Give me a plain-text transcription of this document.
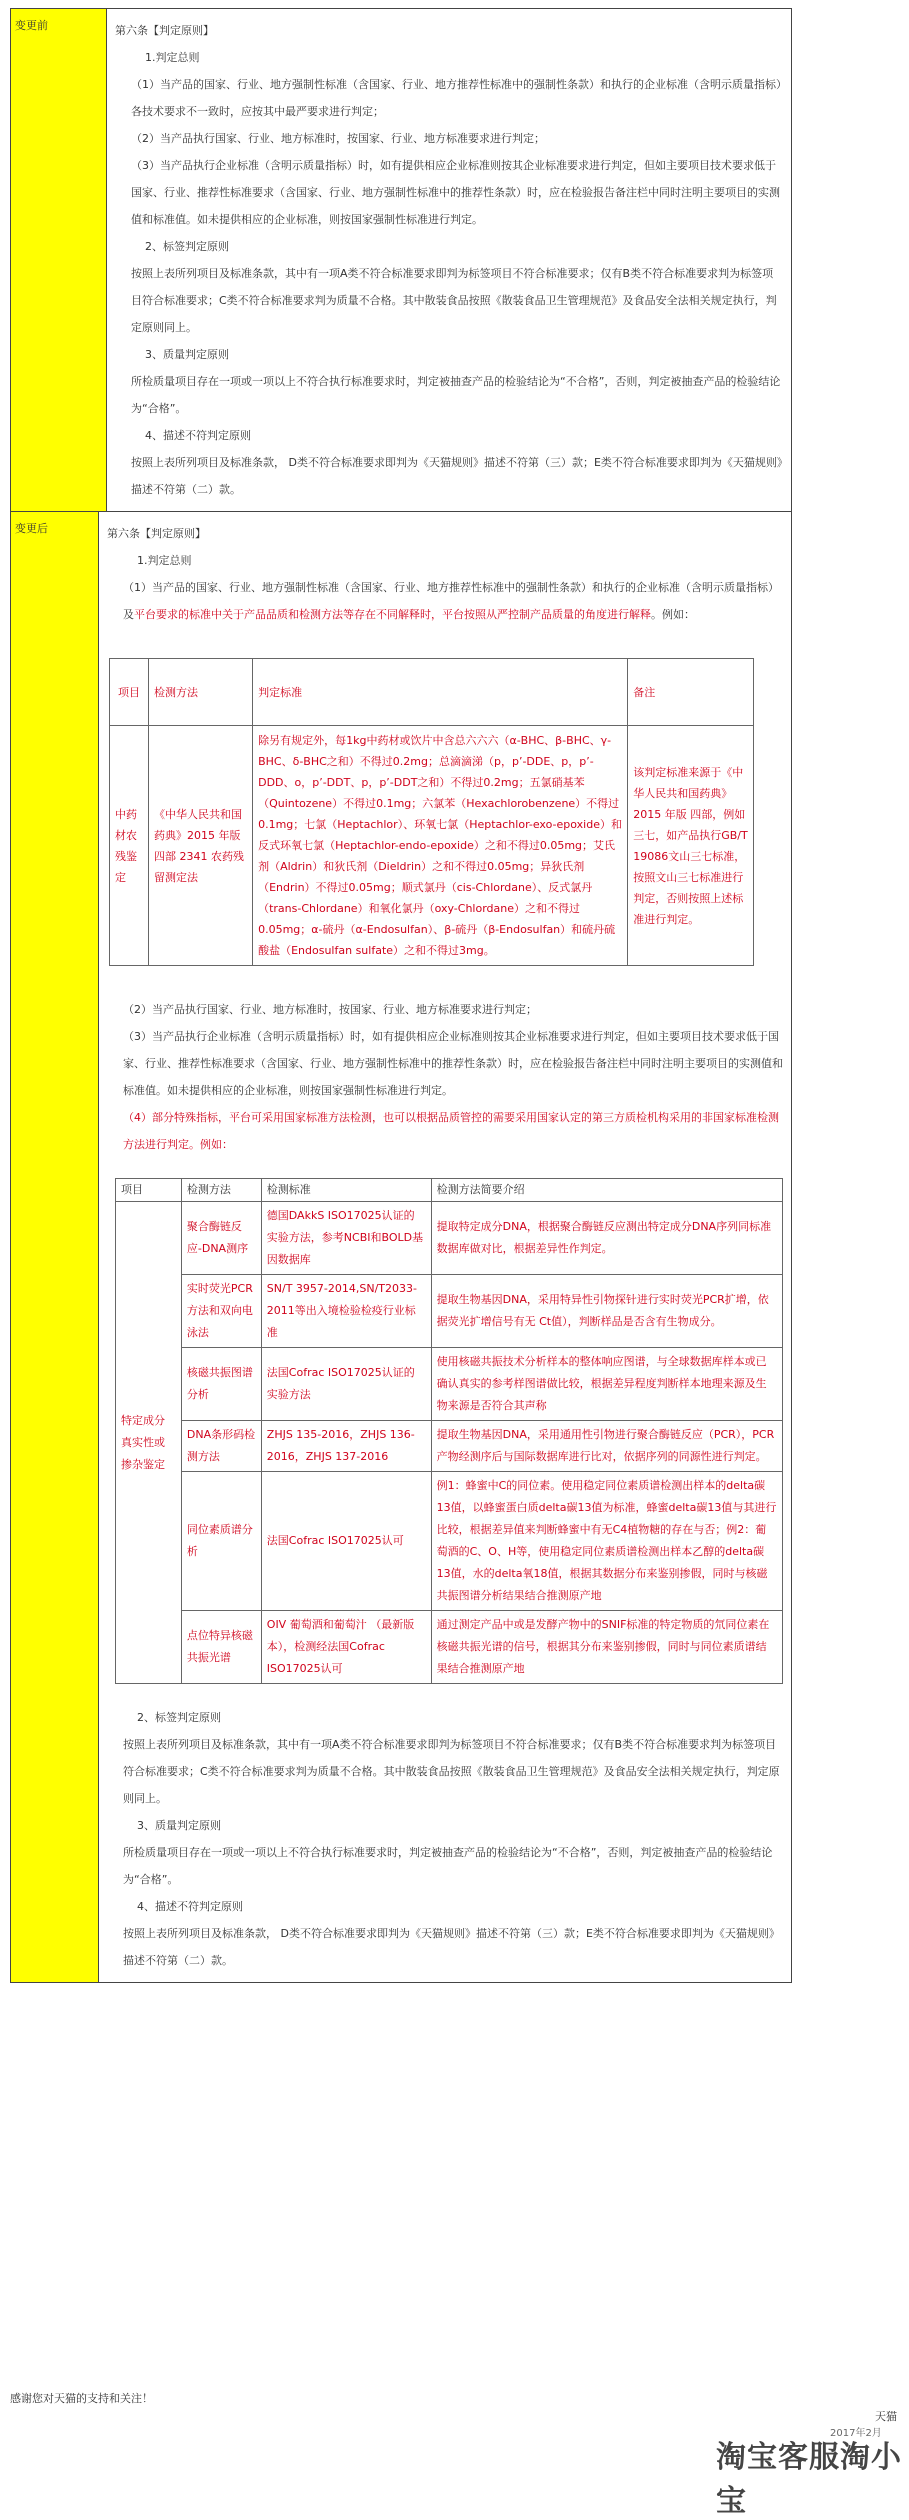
变更前	第六条【判定原则】

1.判定总则

（1）当产品的国家、行业、地方强制性标准（含国家、行业、地方推荐性标准中的强制性条款）和执行的企业标准（含明示质量指标）各技术要求不一致时，应按其中最严要求进行判定；

（2）当产品执行国家、行业、地方标准时，按国家、行业、地方标准要求进行判定；

（3）当产品执行企业标准（含明示质量指标）时，如有提供相应企业标准则按其企业标准要求进行判定，但如主要项目技术要求低于国家、行业、推荐性标准要求（含国家、行业、地方强制性标准中的推荐性条款）时，应在检验报告备注栏中同时注明主要项目的实测值和标准值。如未提供相应的企业标准，则按国家强制性标准进行判定。

2、标签判定原则

按照上表所列项目及标准条款，其中有一项A类不符合标准要求即判为标签项目不符合标准要求；仅有B类不符合标准要求判为标签项目符合标准要求；C类不符合标准要求判为质量不合格。其中散装食品按照《散装食品卫生管理规范》及食品安全法相关规定执行，判定原则同上。

3、质量判定原则

所检质量项目存在一项或一项以上不符合执行标准要求时，判定被抽查产品的检验结论为“不合格”，否则，判定被抽查产品的检验结论为“合格”。

4、描述不符判定原则

按照上表所列项目及标准条款， D类不符合标准要求即判为《天猫规则》描述不符第（三）款；E类不符合标准要求即判为《天猫规则》描述不符第（二）款。

变更后	第六条【判定原则】

1.判定总则

（1）当产品的国家、行业、地方强制性标准（含国家、行业、地方推荐性标准中的强制性条款）和执行的企业标准（含明示质量指标）及平台要求的标准中关于产品品质和检测方法等存在不同解释时，平台按照从严控制产品质量的角度进行解释。例如：

项目	检测方法	判定标准	备注
中药材农残鉴定	《中华人民共和国药典》2015 年版 四部 2341 农药残留测定法	除另有规定外，每1kg中药材或饮片中含总六六六（α-BHC、β-BHC、γ-BHC、δ-BHC之和）不得过0.2mg；总滴滴涕（p，p’-DDE、p，p’-DDD、o，p’-DDT、p，p’-DDT之和）不得过0.2mg；五氯硝基苯（Quintozene）不得过0.1mg；六氯苯（Hexachlorobenzene）不得过 0.1mg；七氯（Heptachlor）、环氧七氯（Heptachlor-exo-epoxide）和反式环氧七氯（Heptachlor-endo-epoxide）之和不得过0.05mg；艾氏剂（Aldrin）和狄氏剂（Dieldrin）之和不得过0.05mg；异狄氏剂（Endrin）不得过0.05mg；顺式氯丹（cis-Chlordane）、反式氯丹（trans-Chlordane）和氧化氯丹（oxy-Chlordane）之和不得过0.05mg；α-硫丹（α-Endosulfan）、β-硫丹（β-Endosulfan）和硫丹硫酸盐（Endosulfan sulfate）之和不得过3mg。	该判定标准来源于《中华人民共和国药典》2015 年版 四部，例如三七，如产品执行GB/T 19086文山三七标准，按照文山三七标准进行判定，否则按照上述标准进行判定。

（2）当产品执行国家、行业、地方标准时，按国家、行业、地方标准要求进行判定；

（3）当产品执行企业标准（含明示质量指标）时，如有提供相应企业标准则按其企业标准要求进行判定，但如主要项目技术要求低于国家、行业、推荐性标准要求（含国家、行业、地方强制性标准中的推荐性条款）时，应在检验报告备注栏中同时注明主要项目的实测值和标准值。如未提供相应的企业标准，则按国家强制性标准进行判定。

（4）部分特殊指标，平台可采用国家标准方法检测，也可以根据品质管控的需要采用国家认定的第三方质检机构采用的非国家标准检测方法进行判定。例如：

项目	检测方法	检测标准	检测方法简要介绍
特定成分真实性或掺杂鉴定	聚合酶链反应-DNA测序	德国DAkkS ISO17025认证的实验方法，参考NCBI和BOLD基因数据库	提取特定成分DNA，根据聚合酶链反应测出特定成分DNA序列同标准数据库做对比，根据差异性作判定。
	实时荧光PCR方法和双向电泳法	SN/T 3957-2014,SN/T2033-2011等出入境检验检疫行业标准	提取生物基因DNA，采用特异性引物探针进行实时荧光PCR扩增，依据荧光扩增信号有无 Ct值），判断样品是否含有生物成分。
	核磁共振图谱分析	法国Cofrac ISO17025认证的实验方法	使用核磁共振技术分析样本的整体响应图谱，与全球数据库样本或已确认真实的参考样图谱做比较，根据差异程度判断样本地理来源及生物来源是否符合其声称
	DNA条形码检测方法	ZHJS 135-2016，ZHJS 136-2016，ZHJS 137-2016	提取生物基因DNA，采用通用性引物进行聚合酶链反应（PCR），PCR产物经测序后与国际数据库进行比对，依据序列的同源性进行判定。
	同位素质谱分析	法国Cofrac ISO17025认可	例1：蜂蜜中C的同位素。使用稳定同位素质谱检测出样本的delta碳13值，以蜂蜜蛋白质delta碳13值为标准，蜂蜜delta碳13值与其进行比较，根据差异值来判断蜂蜜中有无C4植物糖的存在与否；例2：葡萄酒的C、O、H等，使用稳定同位素质谱检测出样本乙醇的delta碳13值，水的delta氧18值，根据其数据分布来鉴别掺假，同时与核磁共振图谱分析结果结合推测原产地
	点位特异核磁共振光谱	OIV 葡萄酒和葡萄汁 （最新版本），检测经法国Cofrac ISO17025认可	通过测定产品中或是发酵产物中的SNIF标准的特定物质的氘同位素在核磁共振光谱的信号，根据其分布来鉴别掺假，同时与同位素质谱结果结合推测原产地

2、标签判定原则

按照上表所列项目及标准条款，其中有一项A类不符合标准要求即判为标签项目不符合标准要求；仅有B类不符合标准要求判为标签项目符合标准要求；C类不符合标准要求判为质量不合格。其中散装食品按照《散装食品卫生管理规范》及食品安全法相关规定执行，判定原则同上。

3、质量判定原则

所检质量项目存在一项或一项以上不符合执行标准要求时，判定被抽查产品的检验结论为“不合格”，否则，判定被抽查产品的检验结论为“合格”。

4、描述不符判定原则

按照上表所列项目及标准条款， D类不符合标准要求即判为《天猫规则》描述不符第（三）款；E类不符合标准要求即判为《天猫规则》描述不符第（二）款。

感谢您对天猫的支持和关注！
天猫
2017年2月
淘宝客服淘小宝
